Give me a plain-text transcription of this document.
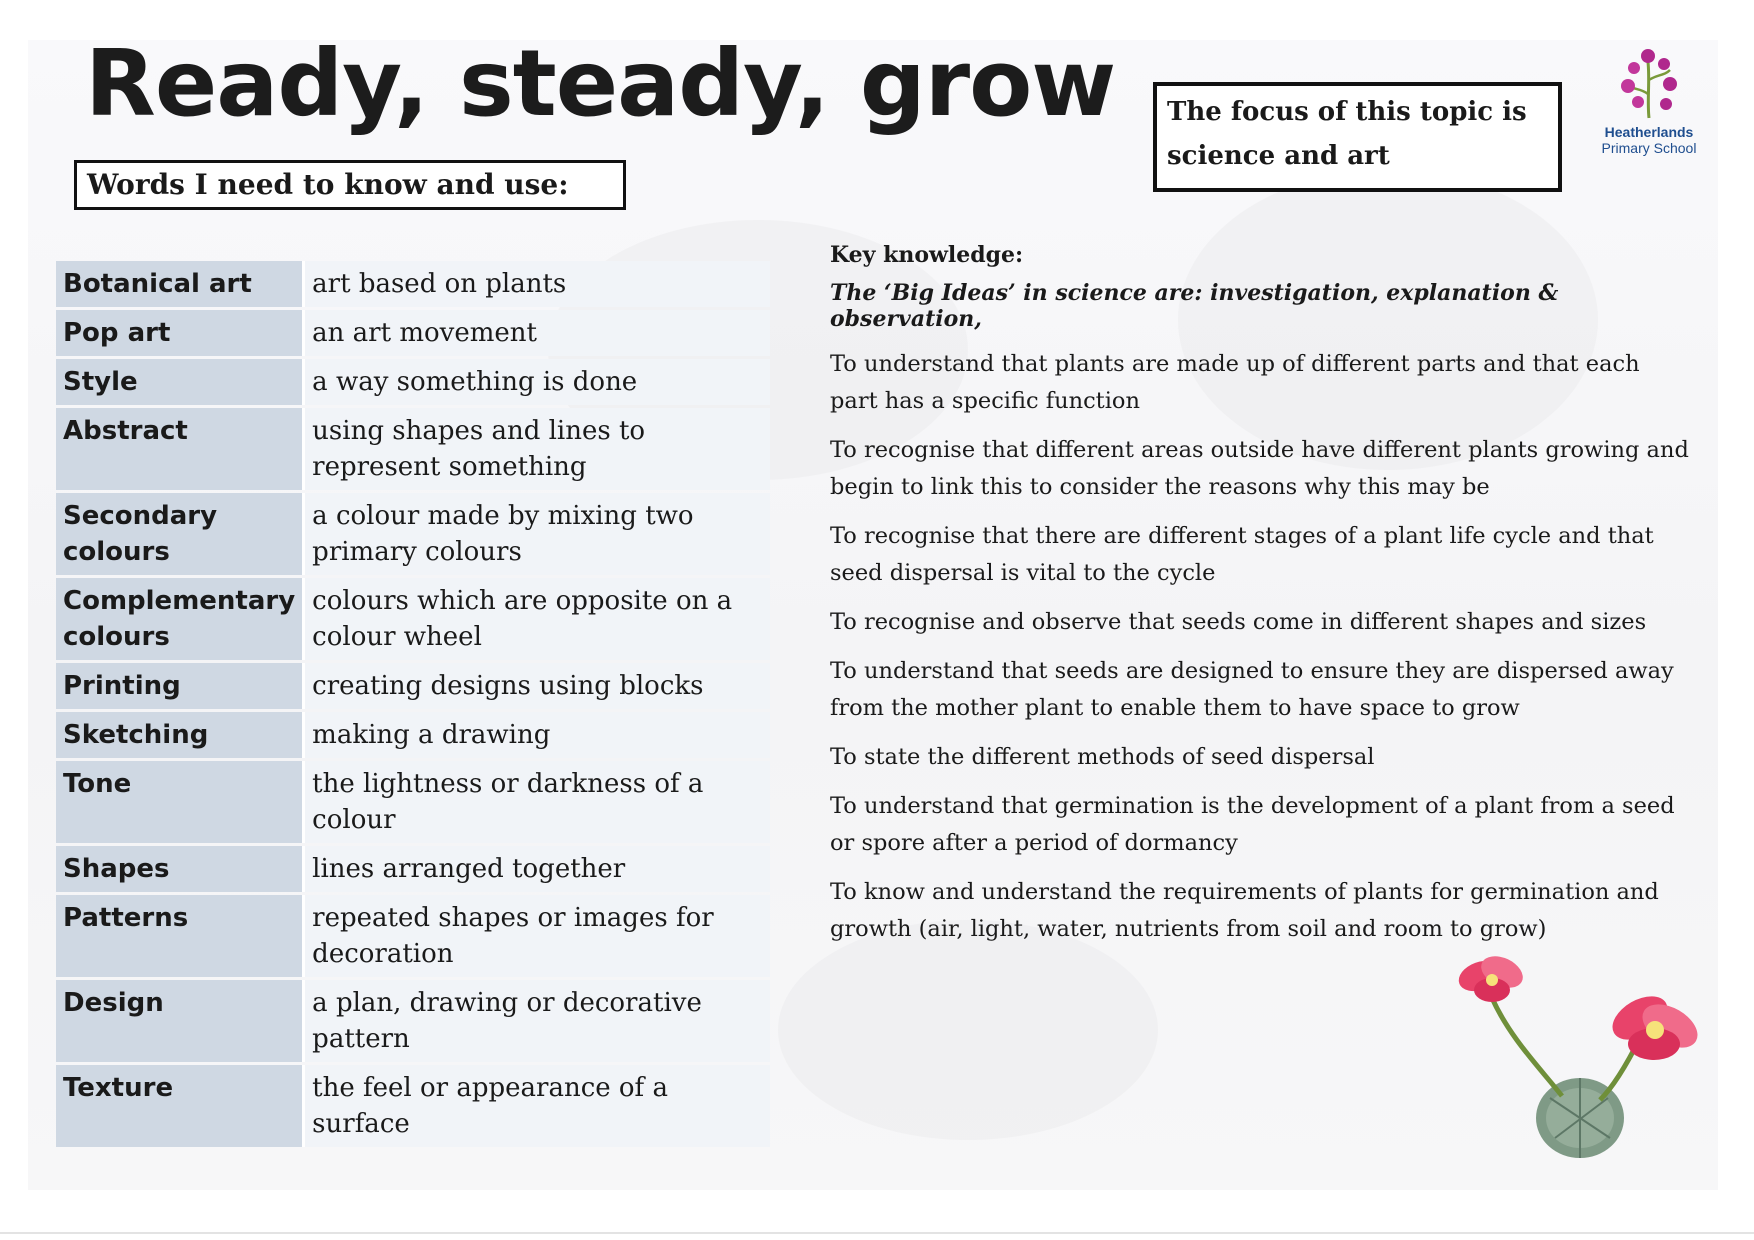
Ready, steady, grow
Words I need to know and use:
The focus of this topic is
science and art
Heatherlands
Primary School
Botanical art	art based on plants
Pop art	an art movement
Style	a way something is done
Abstract	using shapes and lines to represent something
Secondary colours	a colour made by mixing two primary colours
Complementary colours	colours which are opposite on a colour wheel
Printing	creating designs using blocks
Sketching	making a drawing
Tone	the lightness or darkness of a colour
Shapes	lines arranged together
Patterns	repeated shapes or images for decoration
Design	a plan, drawing or decorative pattern
Texture	the feel or appearance of a surface

Key knowledge:

The ‘Big Ideas’ in science are: investigation, explanation & observation,

To understand that plants are made up of different parts and that each part has a specific function

To recognise that different areas outside have different plants growing and begin to link this to consider the reasons why this may be

To recognise that there are different stages of a plant life cycle and that seed dispersal is vital to the cycle

To recognise and observe that seeds come in different shapes and sizes

To understand that seeds are designed to ensure they are dispersed away from the mother plant to enable them to have space to grow

To state the different methods of seed dispersal

To understand that germination is the development of a plant from a seed or spore after a period of dormancy

To know and understand the requirements of plants for germination and growth (air, light, water, nutrients from soil and room to grow)
